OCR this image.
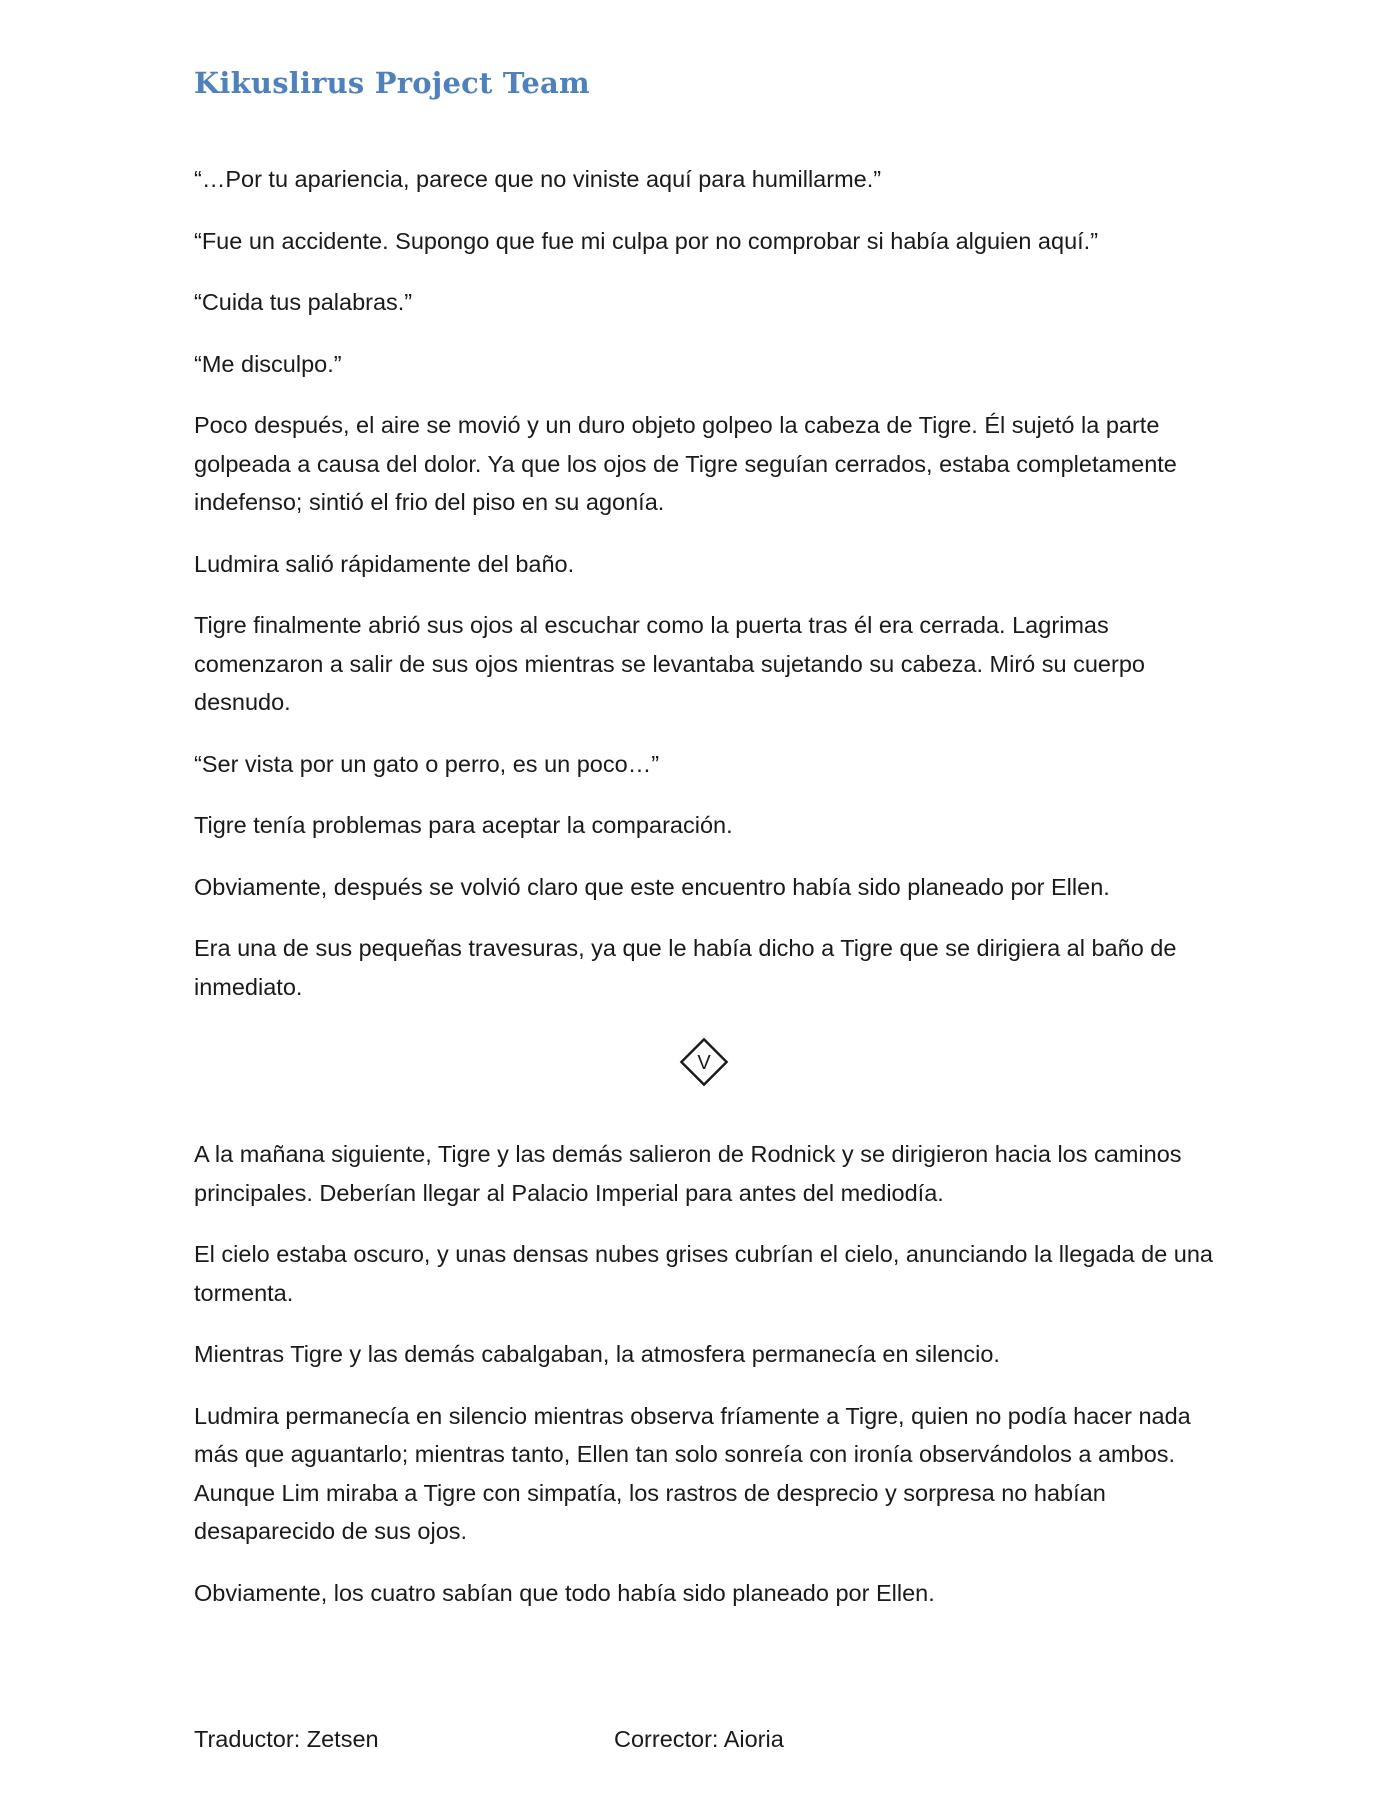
Kikuslirus Project Team

“…Por tu apariencia, parece que no viniste aquí para humillarme.”

“Fue un accidente. Supongo que fue mi culpa por no comprobar si había alguien aquí.”

“Cuida tus palabras.”

“Me disculpo.”

Poco después, el aire se movió y un duro objeto golpeo la cabeza de Tigre. Él sujetó la parte golpeada a causa del dolor. Ya que los ojos de Tigre seguían cerrados, estaba completamente indefenso; sintió el frio del piso en su agonía.

Ludmira salió rápidamente del baño.

Tigre finalmente abrió sus ojos al escuchar como la puerta tras él era cerrada. Lagrimas comenzaron a salir de sus ojos mientras se levantaba sujetando su cabeza. Miró su cuerpo desnudo.

“Ser vista por un gato o perro, es un poco…”

Tigre tenía problemas para aceptar la comparación.

Obviamente, después se volvió claro que este encuentro había sido planeado por Ellen.

Era una de sus pequeñas travesuras, ya que le había dicho a Tigre que se dirigiera al baño de inmediato.

V

A la mañana siguiente, Tigre y las demás salieron de Rodnick y se dirigieron hacia los caminos principales. Deberían llegar al Palacio Imperial para antes del mediodía.

El cielo estaba oscuro, y unas densas nubes grises cubrían el cielo, anunciando la llegada de una tormenta.

Mientras Tigre y las demás cabalgaban, la atmosfera permanecía en silencio.

Ludmira permanecía en silencio mientras observa fríamente a Tigre, quien no podía hacer nada más que aguantarlo; mientras tanto, Ellen tan solo sonreía con ironía observándolos a ambos. Aunque Lim miraba a Tigre con simpatía, los rastros de desprecio y sorpresa no habían desaparecido de sus ojos.

Obviamente, los cuatro sabían que todo había sido planeado por Ellen.

Traductor: Zetsen	Corrector: Aioria
